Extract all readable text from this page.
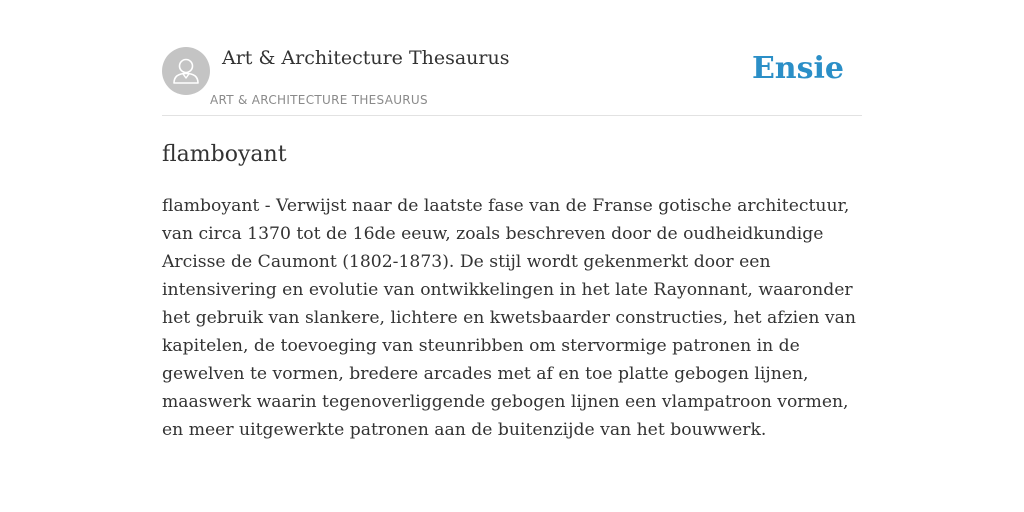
Art & Architecture Thesaurus
ART & ARCHITECTURE THESAURUS
Ensie
flamboyant

flamboyant - Verwijst naar de laatste fase van de Franse gotische architectuur, van circa 1370 tot de 16de eeuw, zoals beschreven door de oudheidkundige Arcisse de Caumont (1802-1873). De stijl wordt gekenmerkt door een intensivering en evolutie van ontwikkelingen in het late Rayonnant, waaronder het gebruik van slankere, lichtere en kwetsbaarder constructies, het afzien van kapitelen, de toevoeging van steunribben om stervormige patronen in de gewelven te vormen, bredere arcades met af en toe platte gebogen lijnen, maaswerk waarin tegenoverliggende gebogen lijnen een vlampatroon vormen, en meer uitgewerkte patronen aan de buitenzijde van het bouwwerk.
